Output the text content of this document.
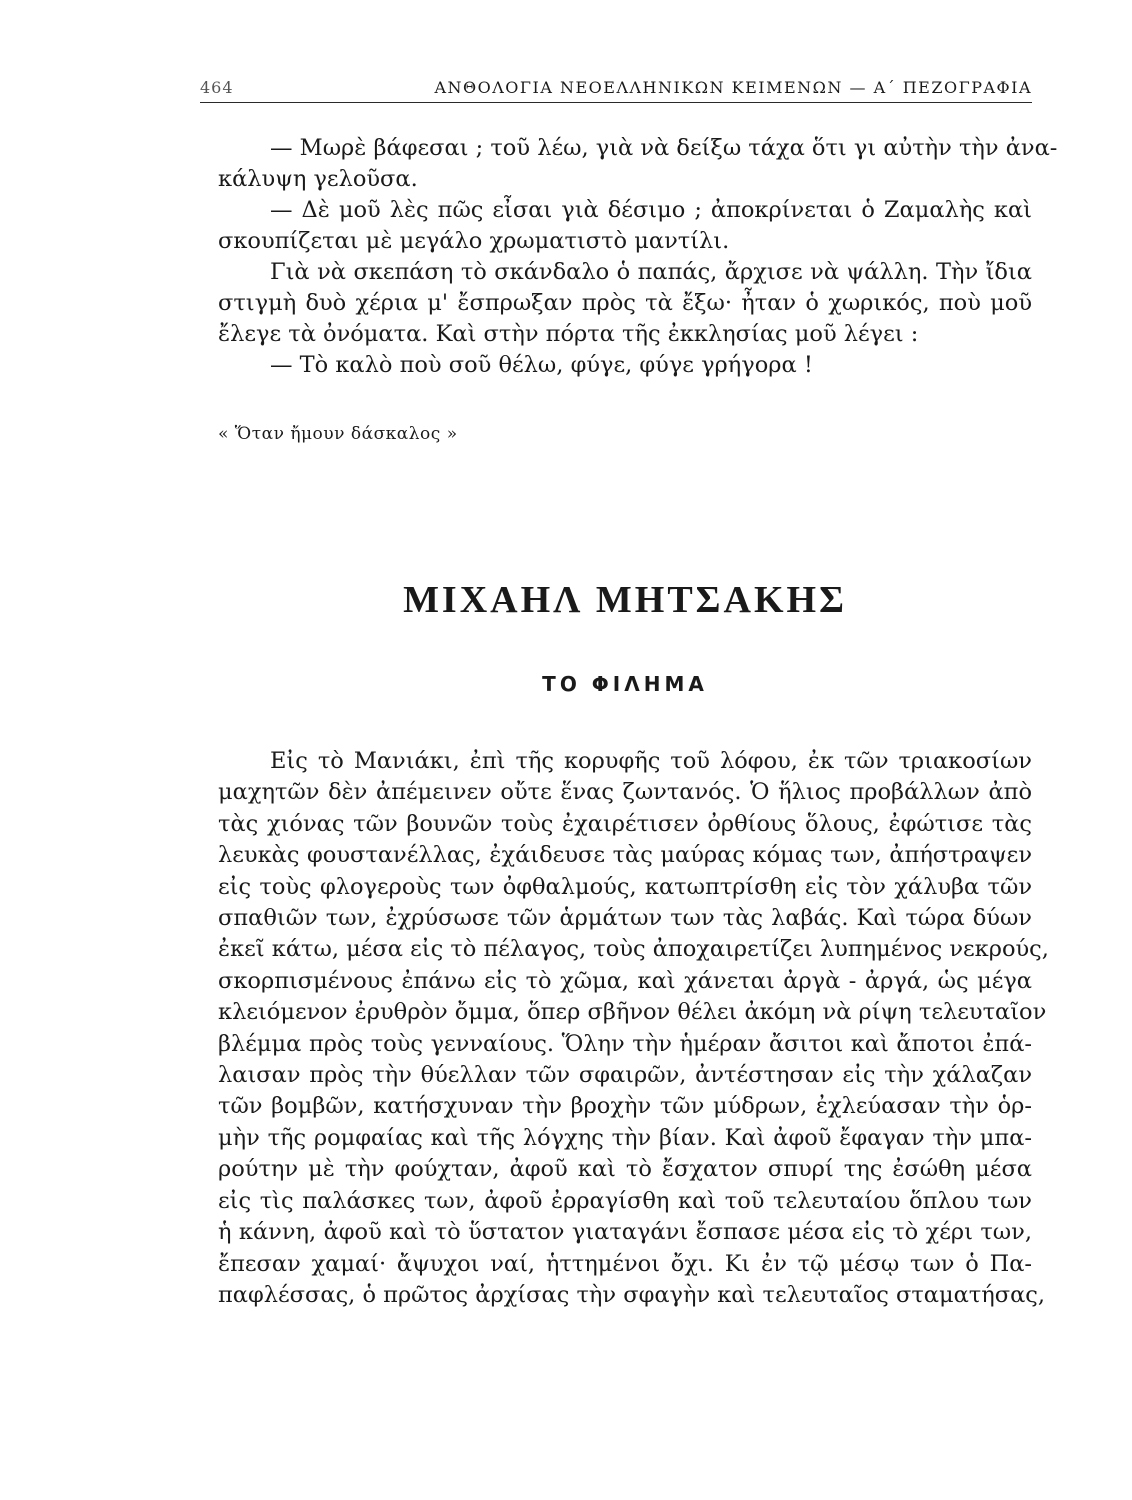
464	ΑΝΘΟΛΟΓΙΑ ΝΕΟΕΛΛΗΝΙΚΩΝ ΚΕΙΜΕΝΩΝ — Α΄ ΠΕΖΟΓΡΑΦΙΑ
— Μωρὲ βάφεσαι ; τοῦ λέω, γιὰ νὰ δείξω τάχα ὅτι γι αὐτὴν τὴν ἀνα-
κάλυψη γελοῦσα.
— Δὲ μοῦ λὲς πῶς εἶσαι γιὰ δέσιμο ; ἀποκρίνεται ὁ Ζαμαλὴς καὶ
σκουπίζεται μὲ μεγάλο χρωματιστὸ μαντίλι.
Γιὰ νὰ σκεπάση τὸ σκάνδαλο ὁ παπάς, ἄρχισε νὰ ψάλλη. Τὴν ἴδια
στιγμὴ δυὸ χέρια μ' ἔσπρωξαν πρὸς τὰ ἔξω· ἦταν ὁ χωρικός, ποὺ μοῦ
ἔλεγε τὰ ὀνόματα. Καὶ στὴν πόρτα τῆς ἐκκλησίας μοῦ λέγει :
— Τὸ καλὸ ποὺ σοῦ θέλω, φύγε, φύγε γρήγορα !
« Ὅταν ἤμουν δάσκαλος »
ΜΙΧΑΗΛ ΜΗΤΣΑΚΗΣ
ΤΟ ΦΙΛΗΜΑ
Εἰς τὸ Μανιάκι, ἐπὶ τῆς κορυφῆς τοῦ λόφου, ἐκ τῶν τριακοσίων
μαχητῶν δὲν ἀπέμεινεν οὔτε ἕνας ζωντανός. Ὁ ἥλιος προβάλλων ἀπὸ
τὰς χιόνας τῶν βουνῶν τοὺς ἐχαιρέτισεν ὀρθίους ὅλους, ἐφώτισε τὰς
λευκὰς φουστανέλλας, ἐχάιδευσε τὰς μαύρας κόμας των, ἀπήστραψεν
εἰς τοὺς φλογεροὺς των ὀφθαλμούς, κατωπτρίσθη εἰς τὸν χάλυβα τῶν
σπαθιῶν των, ἐχρύσωσε τῶν ἁρμάτων των τὰς λαβάς. Καὶ τώρα δύων
ἐκεῖ κάτω, μέσα εἰς τὸ πέλαγος, τοὺς ἀποχαιρετίζει λυπημένος νεκρούς,
σκορπισμένους ἐπάνω εἰς τὸ χῶμα, καὶ χάνεται ἀργὰ - ἀργά, ὡς μέγα
κλειόμενον ἐρυθρὸν ὄμμα, ὅπερ σβῆνον θέλει ἀκόμη νὰ ρίψη τελευταῖον
βλέμμα πρὸς τοὺς γενναίους. Ὅλην τὴν ἡμέραν ἄσιτοι καὶ ἄποτοι ἐπά-
λαισαν πρὸς τὴν θύελλαν τῶν σφαιρῶν, ἀντέστησαν εἰς τὴν χάλαζαν
τῶν βομβῶν, κατήσχυναν τὴν βροχὴν τῶν μύδρων, ἐχλεύασαν τὴν ὁρ-
μὴν τῆς ρομφαίας καὶ τῆς λόγχης τὴν βίαν. Καὶ ἀφοῦ ἔφαγαν τὴν μπα-
ρούτην μὲ τὴν φούχταν, ἀφοῦ καὶ τὸ ἔσχατον σπυρί της ἐσώθη μέσα
εἰς τὶς παλάσκες των, ἀφοῦ ἐρραγίσθη καὶ τοῦ τελευταίου ὅπλου των
ἡ κάννη, ἀφοῦ καὶ τὸ ὕστατον γιαταγάνι ἔσπασε μέσα εἰς τὸ χέρι των,
ἔπεσαν χαμαί· ἄψυχοι ναί, ἡττημένοι ὄχι. Κι ἐν τῷ μέσῳ των ὁ Πα-
παφλέσσας, ὁ πρῶτος ἀρχίσας τὴν σφαγὴν καὶ τελευταῖος σταματήσας,
